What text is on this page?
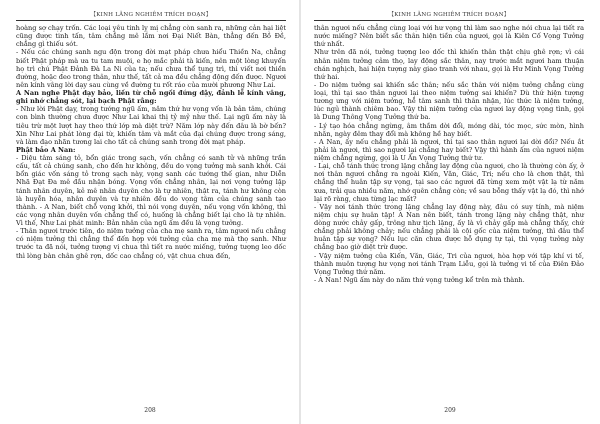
【KINH LĂNG NGHIÊM TRÍCH ĐOẠN】

hoàng sợ chạy trốn. Các loại yêu tinh lỵ mị chẳng còn sanh ra, những cản hại liệt cũng được tinh tấn, tâm chẳng mê lầm nơi Đại Niết Bàn, thẳng đến Bồ Đề, chẳng gì thiếu sót.

- Nếu các chúng sanh ngu độn trong đời mạt pháp chưa hiểu Thiền Na, chẳng biết Phật pháp mà ưa tu tam muội, e họ mắc phải tà kiến, nên một lòng khuyến họ trì chú Phật Đảnh Đà La Ni của ta; nếu chưa thể tụng trì, thì viết nơi thiền đường, hoặc đeo trong thân, như thế, tất cả ma đều chẳng động đến được. Ngươi nên kính vâng lời dạy sau cùng về đường tu rốt ráo của mười phương Như Lai.

A Nan nghe Phật dạy bảo, liền từ chỗ ngồi đứng dậy, đảnh lễ kính vâng, ghi nhớ chẳng sót, lại bạch Phật rằng:

- Như lời Phật dạy, trong tướng ngũ ấm, năm thứ hư vọng vốn là bản tâm, chúng con bình thường chưa được Như Lai khai thị tỷ mỷ như thế. Lại ngũ ấm này là tiêu trừ một lượt hay theo thứ lớp mà diệt trừ? Năm lớp này đến đâu là bờ bến? Xin Như Lai phát lòng đại từ, khiến tâm và mắt của đại chúng được trong sáng, và làm đạo nhãn tương lai cho tất cả chúng sanh trong đời mạt pháp.

Phật bảo A Nan:

- Diệu tâm sáng tỏ, bổn giác trong sạch, vốn chẳng có sanh tử và những trần cấu, tất cả chúng sanh, cho đến hư không, đều do vọng tưởng mà sanh khởi. Cái bổn giác vốn sáng tỏ trong sạch này, vọng sanh các tướng thế gian, như Diễn Nhã Đạt Đa mê đầu nhận bóng. Vọng vốn chẳng nhân, lại nơi vọng tưởng lập tánh nhân duyên, kẻ mê nhân duyên cho là tự nhiên, thật ra, tánh hư không còn là huyễn hóa, nhân duyên và tự nhiên đều do vọng tâm của chúng sanh tạo thành. - A Nan, biết chỗ vọng khởi, thì nói vọng duyên, nếu vọng vốn không, thì các vọng nhân duyên vốn chẳng thể có, huống là chẳng biết lại cho là tự nhiên. Vì thế, Như Lai phát minh: Bản nhân của ngũ ấm đều là vọng tưởng.

- Thân ngươi trước tiên, do niệm tưởng của cha mẹ sanh ra, tâm ngươi nếu chẳng có niệm tưởng thì chẳng thể đến hợp với tưởng của cha mẹ mà thọ sanh. Như trước ta đã nói, tưởng tượng vị chua thì tiết ra nước miếng, tưởng tượng leo dốc thì lòng bàn chân ghê rợn, dốc cao chẳng có, vật chua chưa đến,

208
【KINH LĂNG NGHIÊM TRÍCH ĐOẠN】

thân ngươi nếu chẳng cùng loại với hư vọng thì làm sao nghe nói chua lại tiết ra nước miếng? Nên biết sắc thân hiện tiền của ngươi, gọi là Kiên Cố Vọng Tưởng thứ nhất.

Như trên đã nói, tưởng tượng leo dốc thì khiến thân thật chịu ghê rợn; vì cái nhân niệm tưởng cảm thọ, lay động sắc thân, nay trước mắt ngươi ham thuận chán nghịch, hai hiện tượng này giao tranh với nhau, gọi là Hư Minh Vọng Tưởng thứ hai.

- Do niệm tưởng sai khiến sắc thân; nếu sắc thân với niệm tưởng chẳng cùng loại, thì tại sao thân ngươi lại theo niệm tưởng sai khiến? Dù thứ hiện tượng tương ưng với niệm tưởng, hễ tâm sanh thì thân nhận, lúc thức là niệm tưởng, lúc ngủ thành chiêm bao. Vậy thì niệm tưởng của ngươi lay động vọng tình, gọi là Dung Thông Vọng Tưởng thứ ba.

- Lý tạo hóa chẳng ngừng, âm thầm dời đổi, móng dài, tóc mọc, sức mòn, hình nhăn, ngày đêm thay đổi mà không hề hay biết.

- A Nan, ấy nếu chẳng phải là ngươi, thì tại sao thân ngươi lại dời đổi? Nếu ắt phải là ngươi, thì sao ngươi lại chẳng hay biết? Vậy thì hành ấm của ngươi niệm niệm chẳng ngừng, gọi là U Ẩn Vọng Tưởng thứ tư.

- Lại, chỗ tánh thức trong lặng chẳng lay động của ngươi, cho là thường còn ấy, ở nơi thân ngươi chẳng ra ngoài Kiến, Văn, Giác, Tri; nếu cho là chơn thật, thì chẳng thể huân tập sự vọng, tại sao các ngươi đã từng xem một vật lạ từ năm xưa, trải qua nhiều năm, nhớ quên chẳng còn; về sau bỗng thấy vật lạ đó, thì nhớ lại rõ ràng, chưa từng lạc mất?

- Vậy nơi tánh thức trong lặng chẳng lay động này, đâu có suy tính, mà niệm niệm chịu sự huân tập! A Nan nên biết, tánh trong lặng này chẳng thật, như dòng nước chảy gấp, trông như tịch lặng, ấy là vì chảy gấp mà chẳng thấy, chứ chẳng phải không chảy; nếu chẳng phải là cội gốc của niệm tưởng, thì đâu thể huân tập sự vọng? Nếu lục căn chưa được hỗ dụng tự tại, thì vọng tưởng này chẳng bao giờ diệt trừ được.

- Vậy niệm tưởng của Kiến, Văn, Giác, Tri của ngươi, hòa hợp với tập khí vi tế, thành muôn tượng hư vọng nơi tánh Trạm Liễu, gọi là tưởng vi tế của Điên Đảo Vọng Tưởng thứ năm.

- A Nan! Ngũ ấm này do năm thứ vọng tưởng kể trên mà thành.

209
